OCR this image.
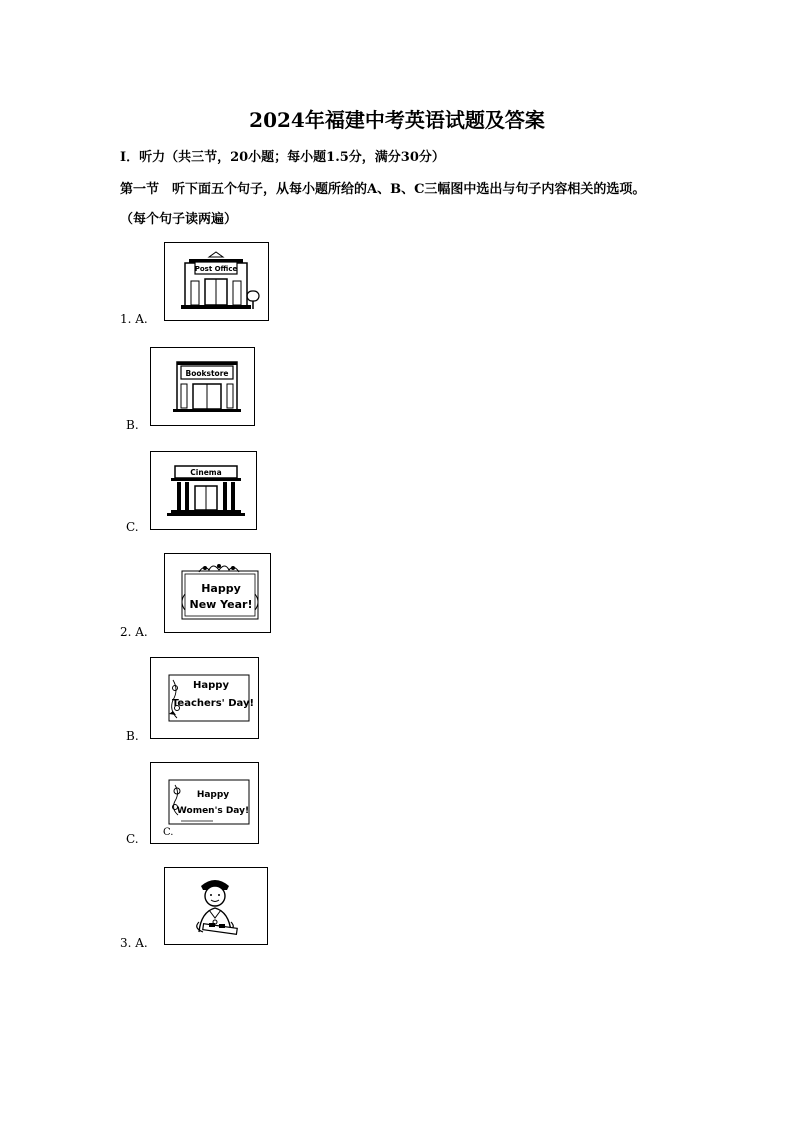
2024年福建中考英语试题及答案
Ⅰ．听力（共三节，20小题；每小题1.5分，满分30分）
第一节　听下面五个句子，从每小题所给的A、B、C三幅图中选出与句子内容相关的选项。
（每个句子读两遍）
1. A.
Post Office
B.
Bookstore
C.
Cinema
2. A.
Happy
New Year!
B.
Happy
Teachers' Day!
C.
Happy
Women's Day!
C.
3. A.
